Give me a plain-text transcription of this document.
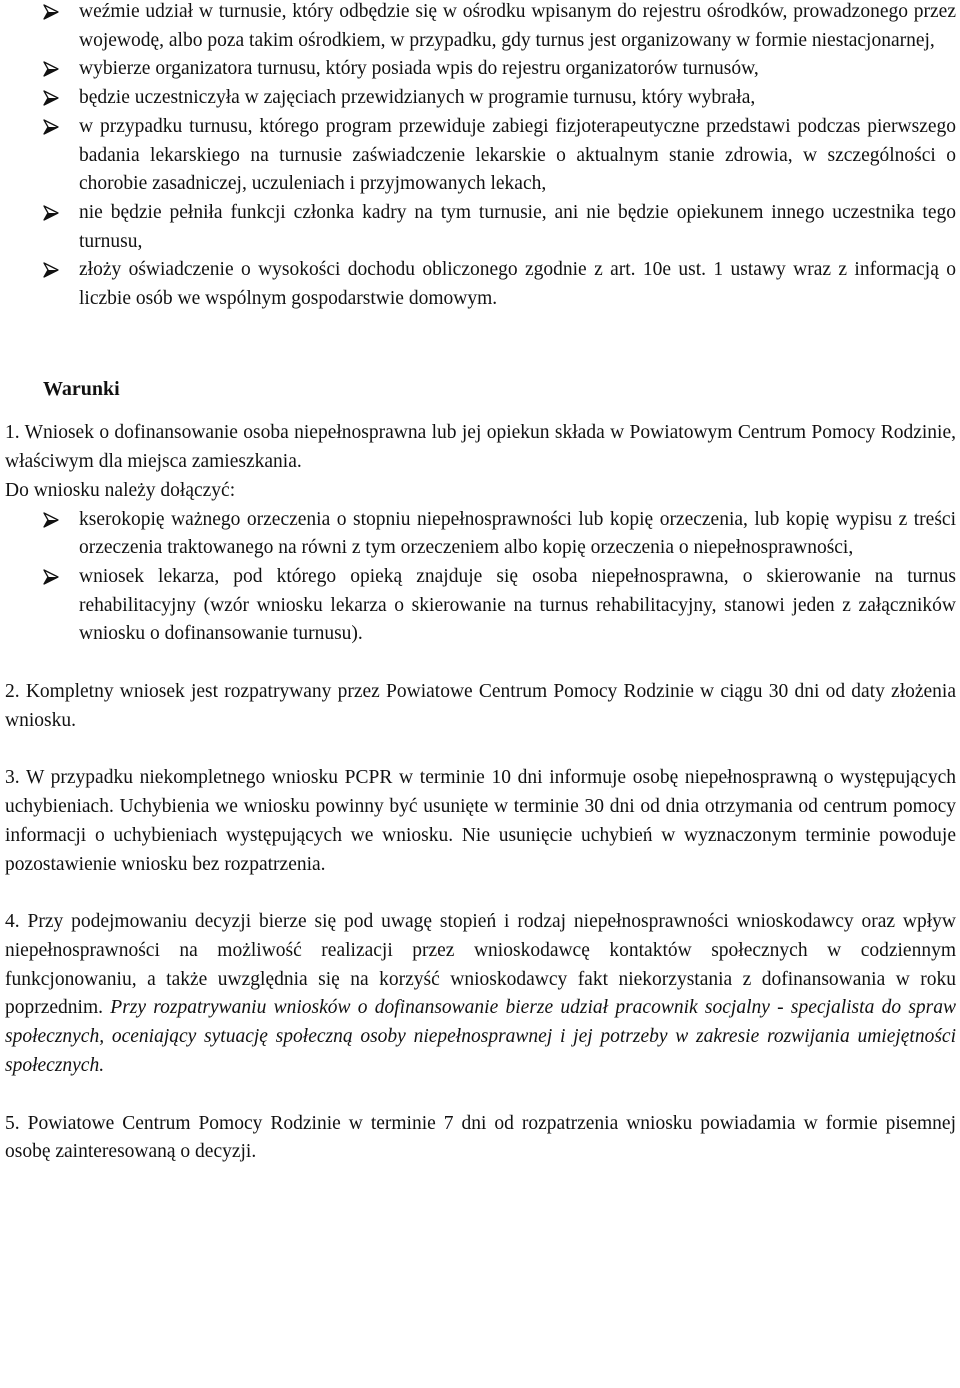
weźmie udział w turnusie, który odbędzie się w ośrodku wpisanym do rejestru ośrodków, prowadzonego przez wojewodę, albo poza takim ośrodkiem, w przypadku, gdy turnus jest organizowany w formie niestacjonarnej,
wybierze organizatora turnusu, który posiada wpis do rejestru organizatorów turnusów,
będzie uczestniczyła w zajęciach przewidzianych w programie turnusu, który wybrała,
w przypadku turnusu, którego program przewiduje zabiegi fizjoterapeutyczne przedstawi podczas pierwszego badania lekarskiego na turnusie zaświadczenie lekarskie o aktualnym stanie zdrowia, w szczególności o chorobie zasadniczej, uczuleniach i przyjmowanych lekach,
nie będzie pełniła funkcji członka kadry na tym turnusie, ani nie będzie opiekunem innego uczestnika tego turnusu,
złoży oświadczenie o wysokości dochodu obliczonego zgodnie z art. 10e ust. 1 ustawy wraz z informacją o liczbie osób we wspólnym gospodarstwie domowym.
Warunki

1. Wniosek o dofinansowanie osoba niepełnosprawna lub jej opiekun składa w Powiatowym Centrum Pomocy Rodzinie, właściwym dla miejsca zamieszkania.

Do wniosku należy dołączyć:

kserokopię ważnego orzeczenia o stopniu niepełnosprawności lub kopię orzeczenia, lub kopię wypisu z treści orzeczenia traktowanego na równi z tym orzeczeniem albo kopię orzeczenia o niepełnosprawności,
wniosek lekarza, pod którego opieką znajduje się osoba niepełnosprawna, o skierowanie na turnus rehabilitacyjny (wzór wniosku lekarza o skierowanie na turnus rehabilitacyjny, stanowi jeden z załączników wniosku o dofinansowanie turnusu).

2. Kompletny wniosek jest rozpatrywany przez Powiatowe Centrum Pomocy Rodzinie w ciągu 30 dni od daty złożenia wniosku.

3. W przypadku niekompletnego wniosku PCPR w terminie 10 dni informuje osobę niepełnosprawną o występujących uchybieniach. Uchybienia we wniosku powinny być usunięte w terminie 30 dni od dnia otrzymania od centrum pomocy informacji o uchybieniach występujących we wniosku. Nie usunięcie uchybień w wyznaczonym terminie powoduje pozostawienie wniosku bez rozpatrzenia.

4. Przy podejmowaniu decyzji bierze się pod uwagę stopień i rodzaj niepełnosprawności wnioskodawcy oraz wpływ niepełnosprawności na możliwość realizacji przez wnioskodawcę kontaktów społecznych w codziennym funkcjonowaniu, a także uwzględnia się na korzyść wnioskodawcy fakt niekorzystania z dofinansowania w roku poprzednim. Przy rozpatrywaniu wniosków o dofinansowanie bierze udział pracownik socjalny - specjalista do spraw społecznych, oceniający sytuację społeczną osoby niepełnosprawnej i jej potrzeby w zakresie rozwijania umiejętności społecznych.

5. Powiatowe Centrum Pomocy Rodzinie w terminie 7 dni od rozpatrzenia wniosku powiadamia w formie pisemnej osobę zainteresowaną o decyzji.
